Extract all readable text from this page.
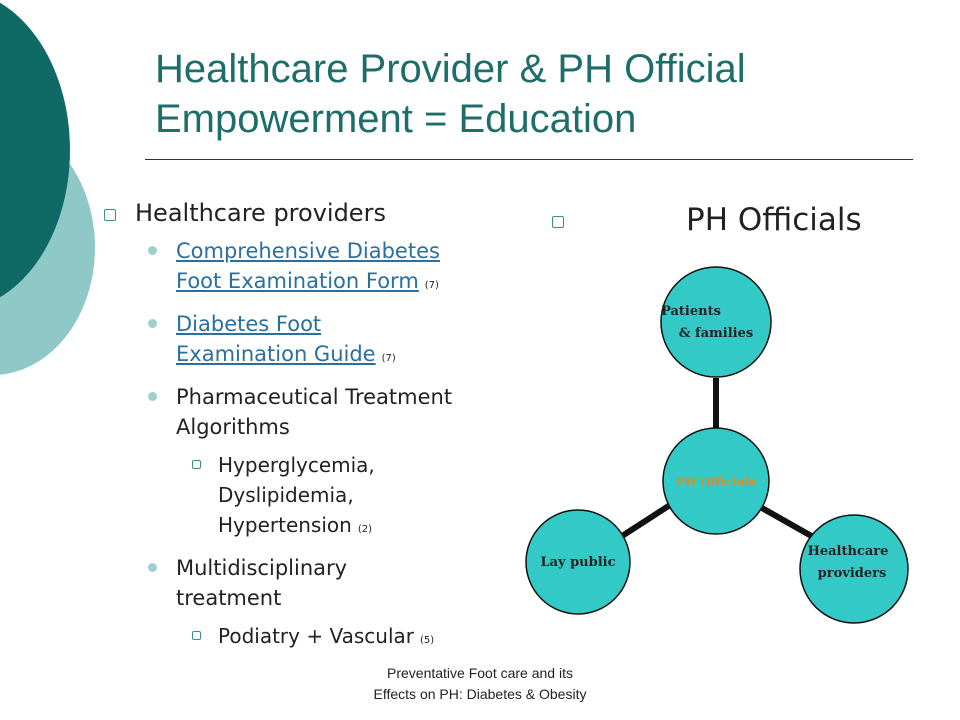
Healthcare Provider & PH Official
Empowerment = Education
Healthcare providers
Comprehensive Diabetes
Foot Examination Form (7)
Diabetes Foot
Examination Guide (7)
Pharmaceutical Treatment
Algorithms
Hyperglycemia,
Dyslipidemia,
Hypertension (2)
Multidisciplinary
treatment
Podiatry + Vascular (5)
PH Officials
Patients
& families
PH Officials
Lay public
Healthcare
providers
Preventative Foot care and its
Effects on PH: Diabetes & Obesity
